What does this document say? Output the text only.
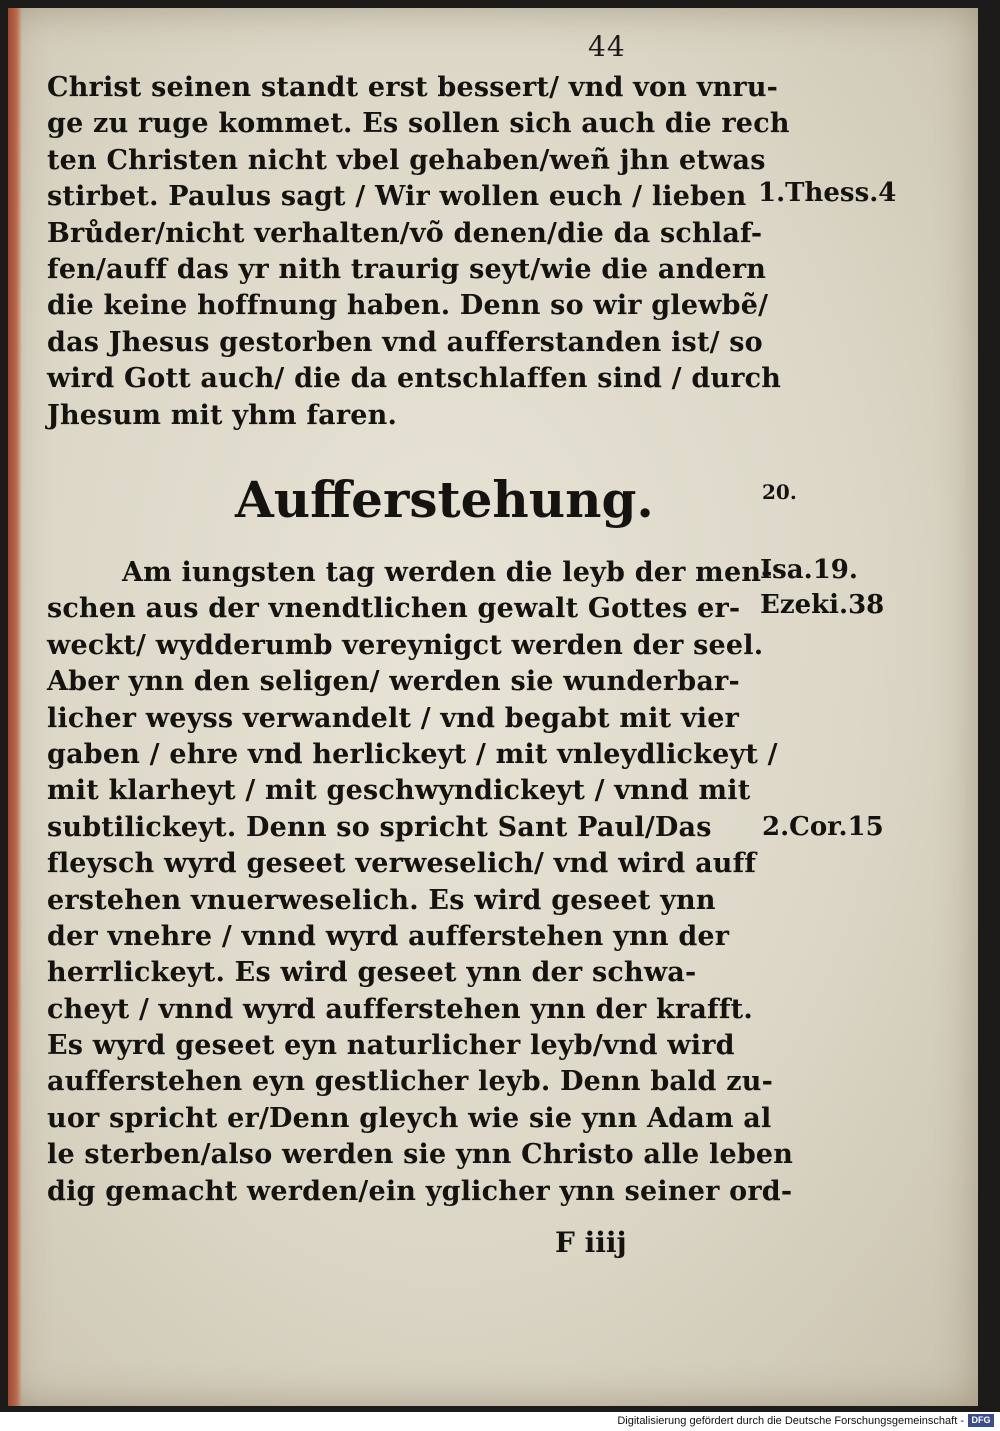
44
Christ seinen standt erst bessert/ vnd von vnru-
ge zu ruge kommet. Es sollen sich auch die rech
ten Christen nicht vbel gehaben/weñ jhn etwas
stirbet. Paulus sagt / Wir wollen euch / lieben
Brůder/nicht verhalten/võ denen/die da schlaf-
fen/auff das yr nith traurig seyt/wie die andern
die keine hoffnung haben. Denn so wir glewbẽ/
das Jhesus gestorben vnd aufferstanden ist/ so
wird Gott auch/ die da entschlaffen sind / durch
Jhesum mit yhm faren.
Aufferstehung.
Am iungsten tag werden die leyb der men-
schen aus der vnendtlichen gewalt Gottes er-
weckt/ wydderumb vereynigct werden der seel.
Aber ynn den seligen/ werden sie wunderbar-
licher weyss verwandelt / vnd begabt mit vier
gaben / ehre vnd herlickeyt / mit vnleydlickeyt /
mit klarheyt / mit geschwyndickeyt / vnnd mit
subtilickeyt. Denn so spricht Sant Paul/Das
fleysch wyrd geseet verweselich/ vnd wird auff
erstehen vnuerweselich. Es wird geseet ynn
der vnehre / vnnd wyrd aufferstehen ynn der
herrlickeyt. Es wird geseet ynn der schwa-
cheyt / vnnd wyrd aufferstehen ynn der krafft.
Es wyrd geseet eyn naturlicher leyb/vnd wird
aufferstehen eyn gestlicher leyb. Denn bald zu-
uor spricht er/Denn gleych wie sie ynn Adam al
le sterben/also werden sie ynn Christo alle leben
dig gemacht werden/ein yglicher ynn seiner ord-
1.Thess.4
20.
Isa.19.
Ezeki.38
2.Cor.15
F iiij
Digitalisierung gefördert durch die Deutsche Forschungsgemeinschaft - DFG
